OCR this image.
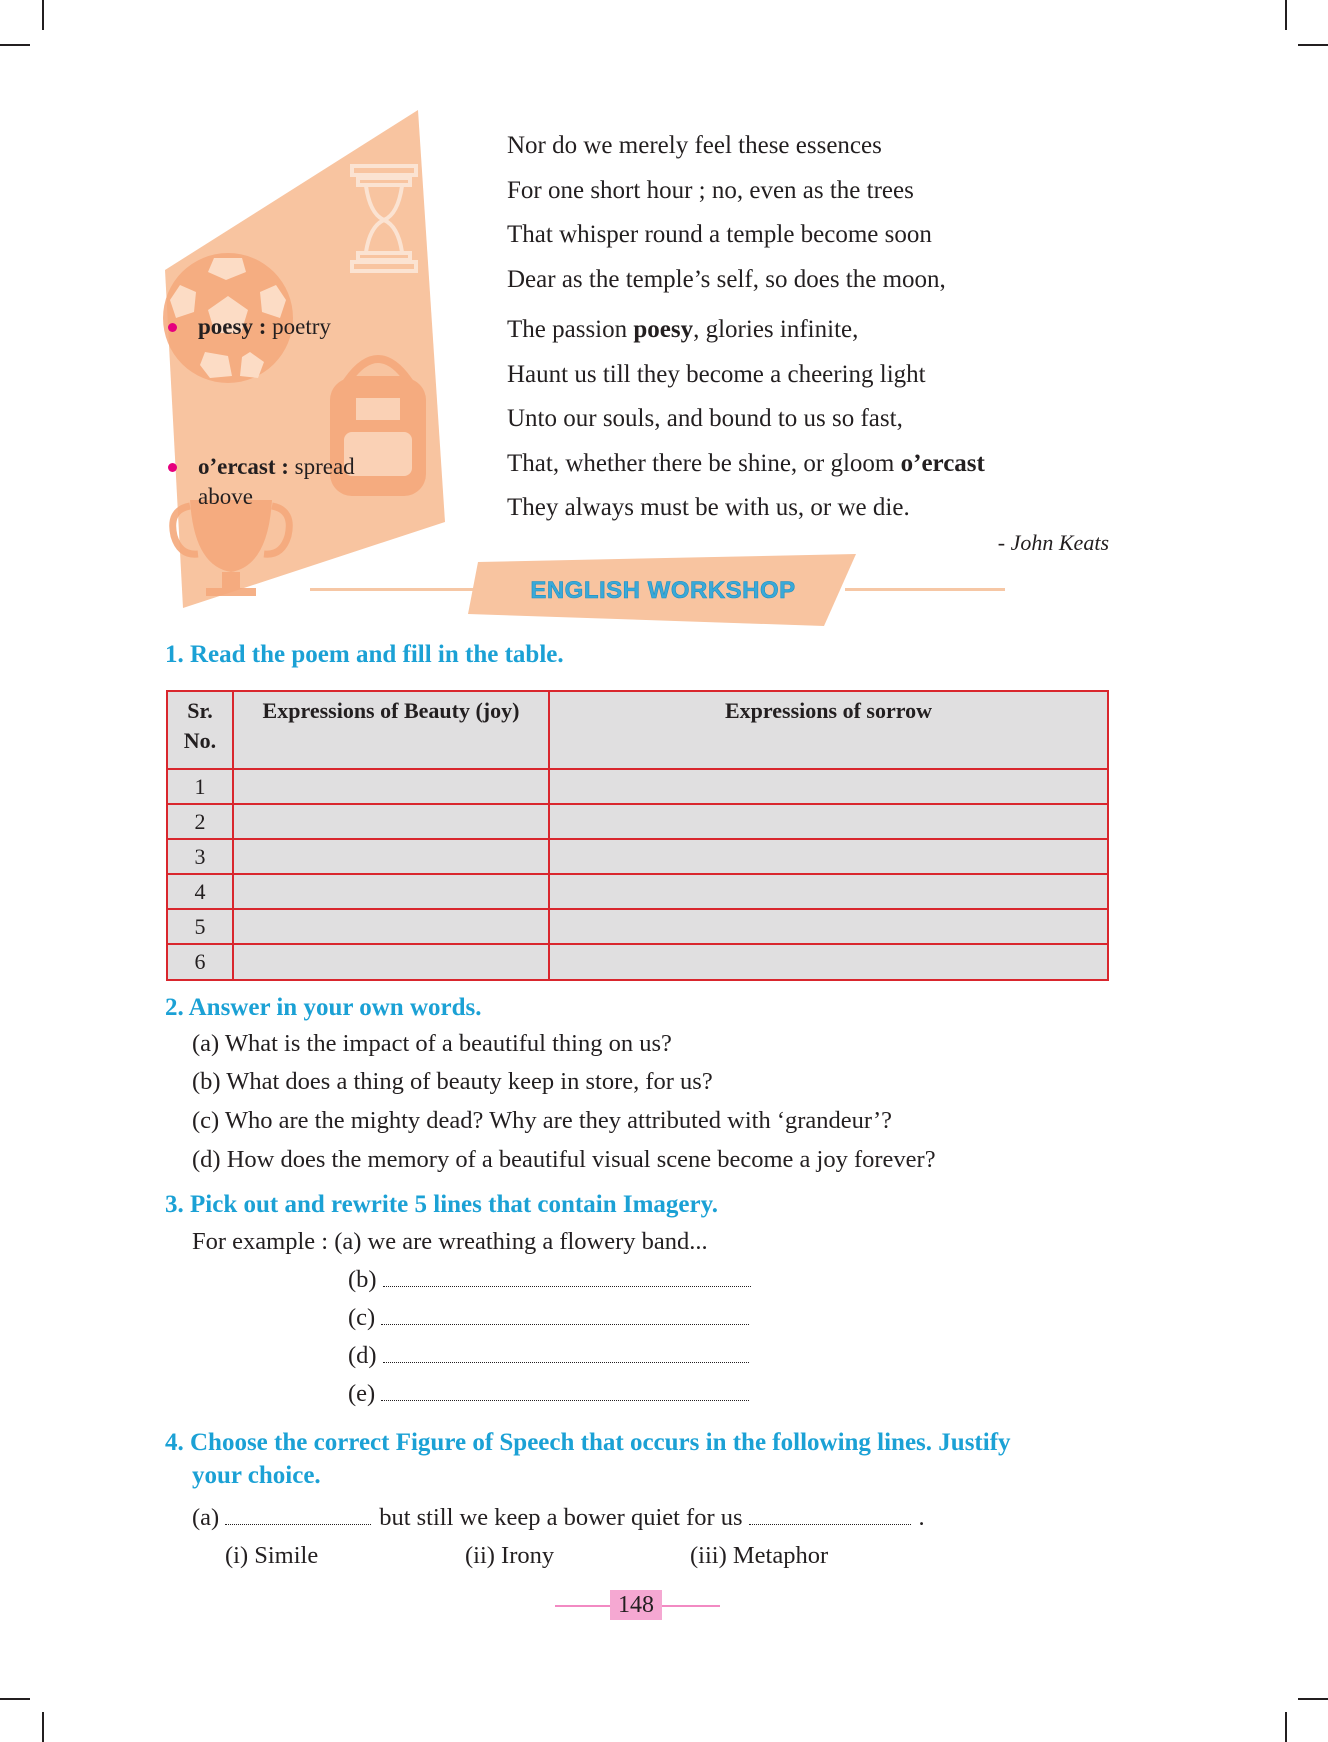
poesy : poetry
o’ercast : spread
above
Nor do we merely feel these essences
For one short hour ; no, even as the trees
That whisper round a temple become soon
Dear as the temple’s self, so does the moon,
The passion poesy, glories infinite,
Haunt us till they become a cheering light
Unto our souls, and bound to us so fast,
That, whether there be shine, or gloom o’ercast
They always must be with us, or we die.
- John Keats
ENGLISH WORKSHOP
1. Read the poem and fill in the table.
Sr.
No.	Expressions of Beauty (joy)	Expressions of sorrow
1		
2		
3		
4		
5		
6		
2. Answer in your own words.
(a) What is the impact of a beautiful thing on us?
(b) What does a thing of beauty keep in store, for us?
(c) Who are the mighty dead? Why are they attributed with ‘grandeur’?
(d) How does the memory of a beautiful visual scene become a joy forever?
3. Pick out and rewrite 5 lines that contain Imagery.
For example : (a) we are wreathing a flowery band...
(b)
(c)
(d)
(e)
4. Choose the correct Figure of Speech that occurs in the following lines. Justify
your choice.
(a)	but still we keep a bower quiet for us	.
(i) Simile	(ii) Irony	(iii) Metaphor
148
